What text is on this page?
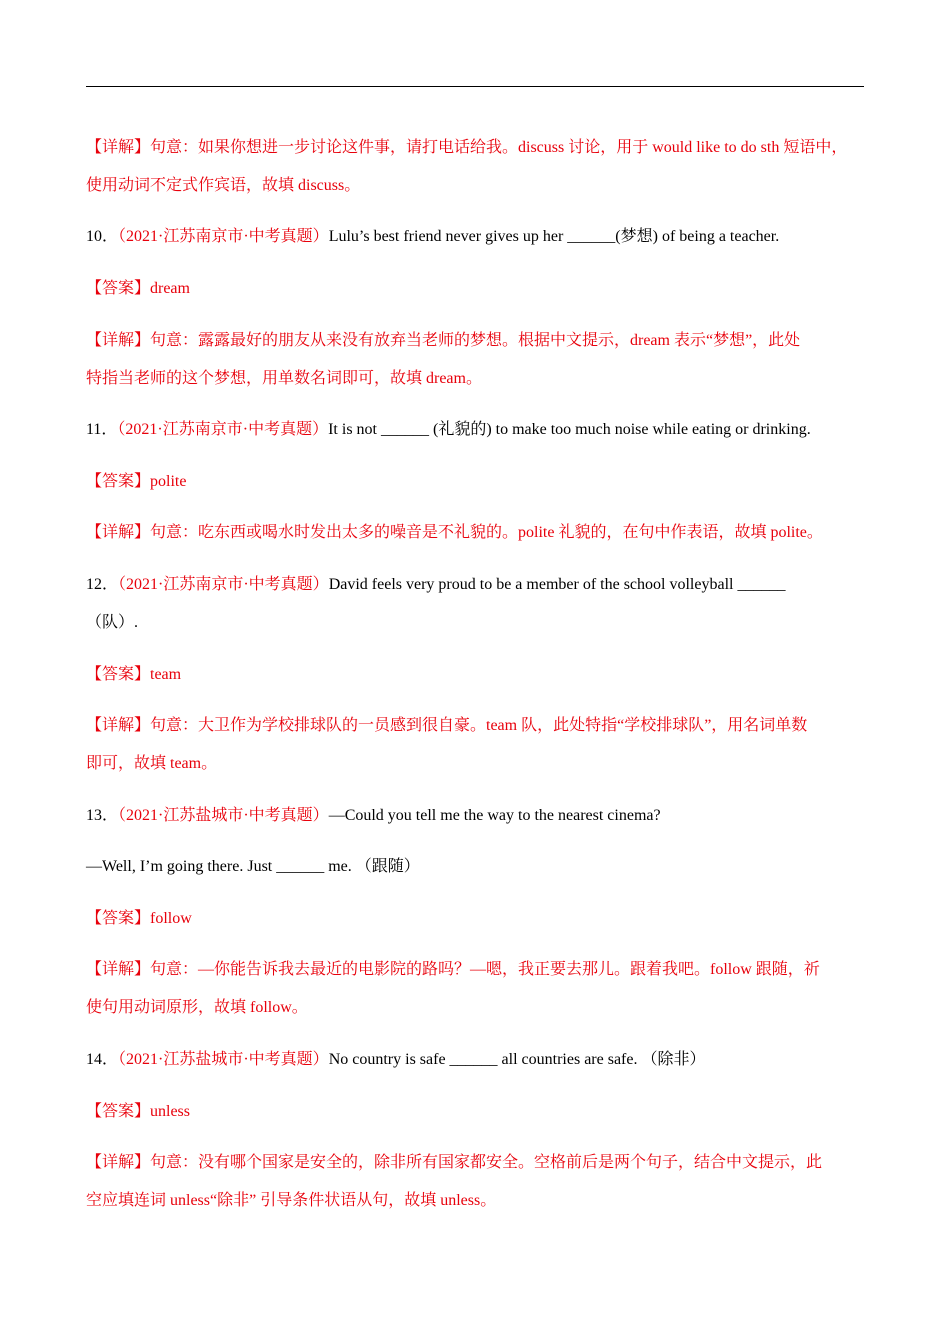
【详解】句意：如果你想进一步讨论这件事，请打电话给我。discuss 讨论，用于 would like to do sth 短语中，
使用动词不定式作宾语，故填 discuss。
10．（2021·江苏南京市·中考真题）Lulu’s best friend never gives up her ______(梦想) of being a teacher.
【答案】dream
【详解】句意：露露最好的朋友从来没有放弃当老师的梦想。根据中文提示，dream 表示“梦想”，此处
特指当老师的这个梦想，用单数名词即可，故填 dream。
11．（2021·江苏南京市·中考真题）It is not ______ (礼貌的) to make too much noise while eating or drinking.
【答案】polite
【详解】句意：吃东西或喝水时发出太多的噪音是不礼貌的。polite 礼貌的，在句中作表语，故填 polite。
12．（2021·江苏南京市·中考真题）David feels very proud to be a member of the school volleyball ______
（队）.
【答案】team
【详解】句意：大卫作为学校排球队的一员感到很自豪。team 队，此处特指“学校排球队”，用名词单数
即可，故填 team。
13．（2021·江苏盐城市·中考真题）—Could you tell me the way to the nearest cinema?
—Well, I’m going there. Just ______ me. （跟随）
【答案】follow
【详解】句意：—你能告诉我去最近的电影院的路吗？—嗯，我正要去那儿。跟着我吧。follow 跟随，祈
使句用动词原形，故填 follow。
14．（2021·江苏盐城市·中考真题）No country is safe ______ all countries are safe. （除非）
【答案】unless
【详解】句意：没有哪个国家是安全的，除非所有国家都安全。空格前后是两个句子，结合中文提示，此
空应填连词 unless“除非” 引导条件状语从句，故填 unless。
